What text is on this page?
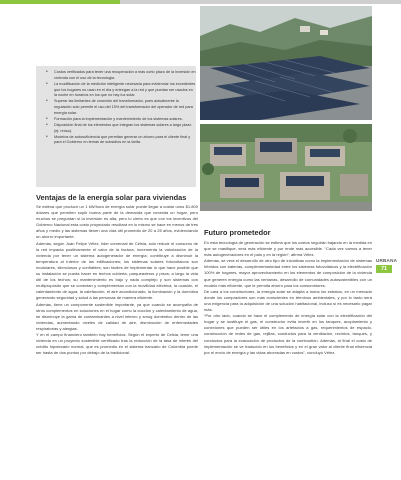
• Costos verificados para tener una recuperación a más corto plazo de la inversión en vivienda con el uso de la tecnología.
• La modificación de la medición inteligente necesaria para evidenciar los excedentes que los hogares no usan en el día y entregan a la red y que puedan ser usados en la noche en horarios en los que no hay luz solar.
• Superar las limitantes de conexión del transformador, pues actualmente la regulación solo permite el uso del 15% del transformador del operador de red para energía solar.
• Formación para la implementación y mantenimiento de los sistemas solares.
• Disposición final de los elementos que integran los sistemas solares a largo plazo (ej: reúso).
• Modelos de autosuficiencia que permitan generar un ahorro para el cliente final y para el Gobierno en temas de subsidios en la tarifa.
Ventajas de la energía solar para viviendas

Se estima que producir un 1 kW/hora de energía solar puede llegar a costar unos $1.800 dólares que permiten suplir buena parte de la demanda que necesita un hogar, pero muchos se preguntan si la inversión es alta, pero lo cierto es que con los incentivos del Gobierno Nacional esta costo proyectado resultará en lo mismo se hace en menos de tres años y medio y las sistemas tienen una vida útil promedio de 20 a 25 años, evidenciando un ahorro importante.

Además, según Juan Felipe Vélez, líder comercial de Celsia, solo reducir el consumo de la red impacta positivamente el valor de la factura, incrementa la valorización de la vivienda por tener un sistema autogenerador de energía; contribuye a disminuir la temperatura al interior de las edificaciones; los sistemas solares fotovoltaicos son modulares, silenciosos y confiables; son fáciles de implementar lo que hace posible que su instalación se pueda hacer en techos cubierta, parqueaderos y pisos; a largo la vida útil de los techos; su mantenimiento es bajo y nada complejo y son sistemas con multipropósito que se conectan y complementan con la movilidad eléctrica, la ocasión, el calentamiento de agua, la calefacción, el aire acondicionado, la iluminación y la domótica generando seguridad y salud a las personas de manera eficiente.

Además, tiene un componente sostenible importante, ya que cuando se acompaña de otros complementos en soluciones en el hogar como la cocción y calentamiento de agua, se disminuye la gama de contaminantes a nivel interno y smog doméstico dentro de las viviendas, aumentando niveles de calidad de aire, disminución de enfermedades respiratorias y alergias.

Y en el campo financiero también hay beneficios. Según el experto de Celsia, tener una vivienda en un proyecto sostenible certificado tras la reducción de la tasa de interés del crédito hipotecario normal, que es promedio en el sistema bancario de Colombia puede ser hasta de dos puntos por debajo de la tradicional.

Futuro prometedor

En esta tecnología de generación se estima que los costos seguirán bajando en la medida en que se masifique, será más eficiente y por ende más accesible. “Cada vez vamos a tener más autogeneradores en el país y en la región”, afirma Vélez.

Además, se verá el desarrollo de otro tipo de iniciativas como la implementación de sistemas híbridos con baterías, complementariedad entre los sistemas fotovoltaicos y la electrificación 100% de hogares, mayor aprovechamiento en los elementos de composición de la vivienda que generen energía como las ventanas, desarrollo de comunidades autosostenibles con un modelo más eficiente, que le permita ahorro para los consumidores.

De cara a los constructores, la energía solar se adapta a todos los estratos, en un mercado donde los compradores son más conscientes en términos ambientales, y por lo tanto será una exigencia para la adquisición de una solución habitacional, incluso si es necesario pagar más.

“Por otro lado, cuando se hace el complemento de energía solar con la electrificación del hogar y se sustituye el gas, el constructor evita invertir en los tanques, acoplamiento y conexiones que pueden ser útiles en los artefactos a gas, requerimientos de espacio, construcción de redes de gas, rejillas, conductos para la ventilación, recintos, tanques, y conductos para la evacuación de productos de la combustión. Además, al final el costo de implementación se ve traducido en los beneficios y en el gran valor al cliente final eficiencia por el envío de energía y las vidas ahorradas en costos”, concluyó Vélez.

URBANA
71
